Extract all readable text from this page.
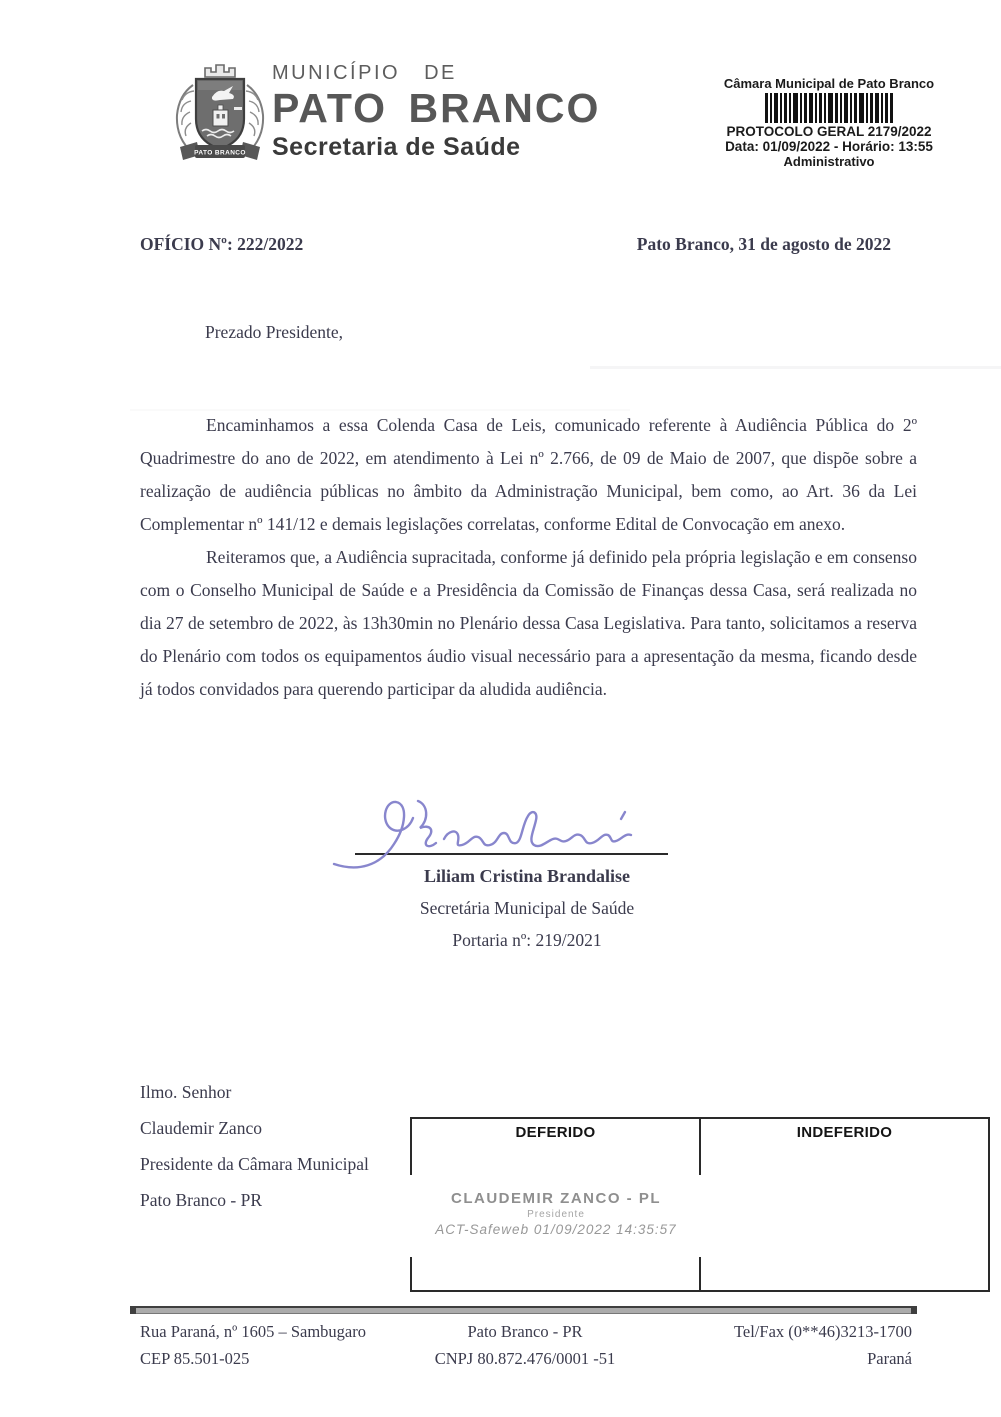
PATO BRANCO
MUNICÍPIO DE
PATO BRANCO
Secretaria de Saúde
Câmara Municipal de Pato Branco
PROTOCOLO GERAL 2179/2022
Data: 01/09/2022 - Horário: 13:55
Administrativo
OFÍCIO Nº: 222/2022	Pato Branco, 31 de agosto de 2022
Prezado Presidente,

Encaminhamos a essa Colenda Casa de Leis, comunicado referente à Audiência Pública do 2º Quadrimestre do ano de 2022, em atendimento à Lei nº 2.766, de 09 de Maio de 2007, que dispõe sobre a realização de audiência públicas no âmbito da Administração Municipal, bem como, ao Art. 36 da Lei Complementar nº 141/12 e demais legislações correlatas, conforme Edital de Convocação em anexo.

Reiteramos que, a Audiência supracitada, conforme já definido pela própria legislação e em consenso com o Conselho Municipal de Saúde e a Presidência da Comissão de Finanças dessa Casa, será realizada no dia 27 de setembro de 2022, às 13h30min no Plenário dessa Casa Legislativa. Para tanto, solicitamos a reserva do Plenário com todos os equipamentos áudio visual necessário para a apresentação da mesma, ficando desde já todos convidados para querendo participar da aludida audiência.

Liliam Cristina Brandalise
Secretária Municipal de Saúde
Portaria nº: 219/2021
Ilmo. Senhor
Claudemir Zanco
Presidente da Câmara Municipal
Pato Branco - PR
DEFERIDO	INDEFERIDO
CLAUDEMIR ZANCO - PL
Presidente
ACT-Safeweb 01/09/2022 14:35:57
Rua Paraná, nº 1605 – Sambugaro
CEP 85.501-025
Pato Branco - PR
CNPJ 80.872.476/0001 -51
Tel/Fax (0**46)3213-1700
Paraná
